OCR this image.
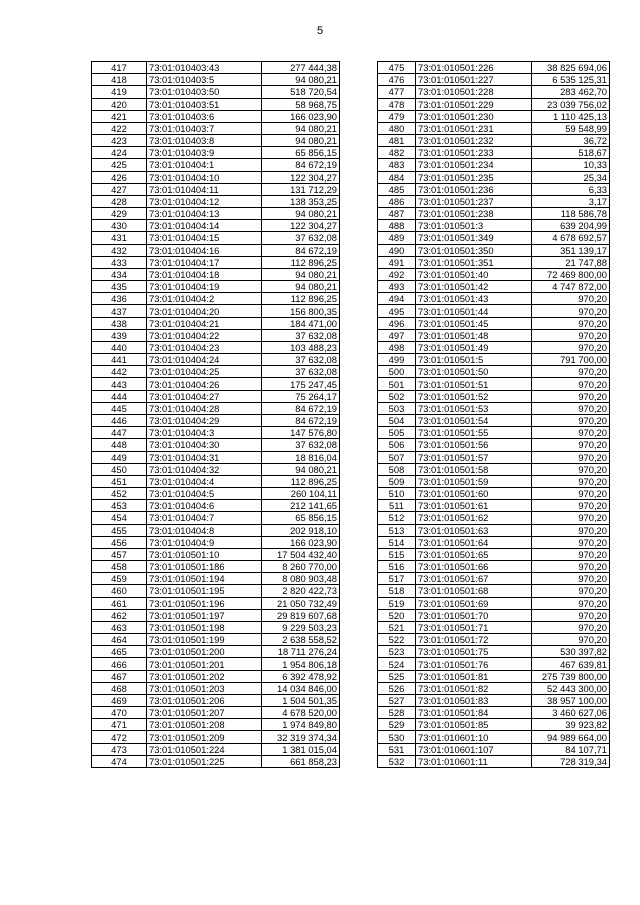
5
417	73:01:010403:43	277 444,38
418	73:01:010403:5	94 080,21
419	73:01:010403:50	518 720,54
420	73:01:010403:51	58 968,75
421	73:01:010403:6	166 023,90
422	73:01:010403:7	94 080,21
423	73:01:010403:8	94 080,21
424	73:01:010403:9	65 856,15
425	73:01:010404:1	84 672,19
426	73:01:010404:10	122 304,27
427	73:01:010404:11	131 712,29
428	73:01:010404:12	138 353,25
429	73:01:010404:13	94 080,21
430	73:01:010404:14	122 304,27
431	73:01:010404:15	37 632,08
432	73:01:010404:16	84 672,19
433	73:01:010404:17	112 896,25
434	73:01:010404:18	94 080,21
435	73:01:010404:19	94 080,21
436	73:01:010404:2	112 896,25
437	73:01:010404:20	156 800,35
438	73:01:010404:21	184 471,00
439	73:01:010404:22	37 632,08
440	73:01:010404:23	103 488,23
441	73:01:010404:24	37 632,08
442	73:01:010404:25	37 632,08
443	73:01:010404:26	175 247,45
444	73:01:010404:27	75 264,17
445	73:01:010404:28	84 672,19
446	73:01:010404:29	84 672,19
447	73:01:010404:3	147 576,80
448	73:01:010404:30	37 632,08
449	73:01:010404:31	18 816,04
450	73:01:010404:32	94 080,21
451	73:01:010404:4	112 896,25
452	73:01:010404:5	260 104,11
453	73:01:010404:6	212 141,65
454	73:01:010404:7	65 856,15
455	73:01:010404:8	202 918,10
456	73:01:010404:9	166 023,90
457	73:01:010501:10	17 504 432,40
458	73:01:010501:186	8 260 770,00
459	73:01:010501:194	8 080 903,48
460	73:01:010501:195	2 820 422,73
461	73:01:010501:196	21 050 732,49
462	73:01:010501:197	29 819 607,68
463	73:01:010501:198	9 229 503,23
464	73:01:010501:199	2 638 558,52
465	73:01:010501:200	18 711 276,24
466	73:01:010501:201	1 954 806,18
467	73:01:010501:202	6 392 478,92
468	73:01:010501:203	14 034 846,00
469	73:01:010501:206	1 504 501,35
470	73:01:010501:207	4 678 520,00
471	73:01:010501:208	1 974 849,80
472	73:01:010501:209	32 319 374,34
473	73:01:010501:224	1 381 015,04
474	73:01:010501:225	661 858,23
475	73:01:010501:226	38 825 694,06
476	73:01:010501:227	6 535 125,31
477	73:01:010501:228	283 462,70
478	73:01:010501:229	23 039 756,02
479	73:01:010501:230	1 110 425,13
480	73:01:010501:231	59 548,99
481	73:01:010501:232	36,72
482	73:01:010501:233	518,67
483	73:01:010501:234	10,33
484	73:01:010501:235	25,34
485	73:01:010501:236	6,33
486	73:01:010501:237	3,17
487	73:01:010501:238	118 586,78
488	73:01:010501:3	639 204,99
489	73:01:010501:349	4 678 692,57
490	73:01:010501:350	351 139,17
491	73:01:010501:351	21 747,88
492	73:01:010501:40	72 469 800,00
493	73:01:010501:42	4 747 872,00
494	73:01:010501:43	970,20
495	73:01:010501:44	970,20
496	73:01:010501:45	970,20
497	73:01:010501:48	970,20
498	73:01:010501:49	970,20
499	73:01:010501:5	791 700,00
500	73:01:010501:50	970,20
501	73:01:010501:51	970,20
502	73:01:010501:52	970,20
503	73:01:010501:53	970,20
504	73:01:010501:54	970,20
505	73:01:010501:55	970,20
506	73:01:010501:56	970,20
507	73:01:010501:57	970,20
508	73:01:010501:58	970,20
509	73:01:010501:59	970,20
510	73:01:010501:60	970,20
511	73:01:010501:61	970,20
512	73:01:010501:62	970,20
513	73:01:010501:63	970,20
514	73:01:010501:64	970,20
515	73:01:010501:65	970,20
516	73:01:010501:66	970,20
517	73:01:010501:67	970,20
518	73:01:010501:68	970,20
519	73:01:010501:69	970,20
520	73:01:010501:70	970,20
521	73:01:010501:71	970,20
522	73:01:010501:72	970,20
523	73:01:010501:75	530 397,82
524	73:01:010501:76	467 639,81
525	73:01:010501:81	275 739 800,00
526	73:01:010501:82	52 443 300,00
527	73:01:010501:83	38 957 100,00
528	73:01:010501:84	3 460 627,06
529	73:01:010501:85	39 923,82
530	73:01:010601:10	94 989 664,00
531	73:01:010601:107	84 107,71
532	73:01:010601:11	728 319,34
